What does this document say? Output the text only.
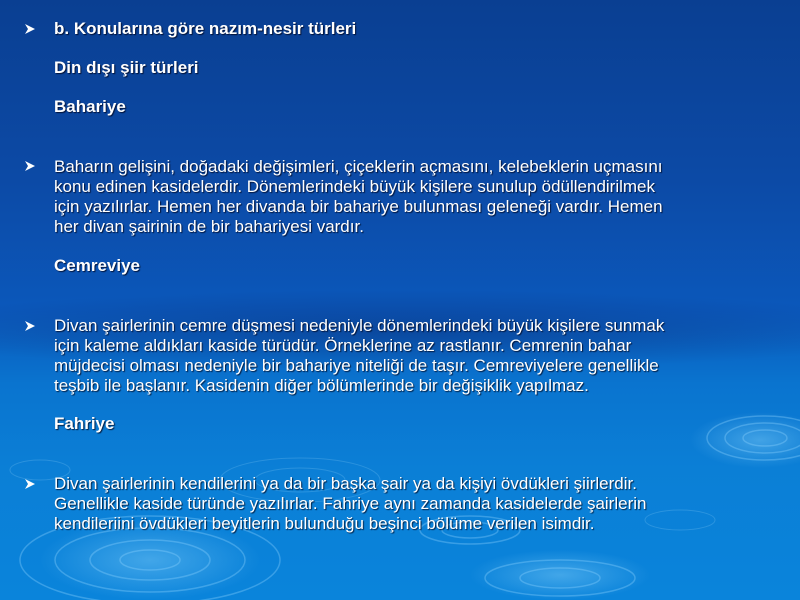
b. Konularına göre nazım-nesir türleri
Din dışı şiir türleri
Bahariye
Baharın gelişini, doğadaki değişimleri, çiçeklerin açmasını, kelebeklerin uçmasını
konu edinen kasidelerdir. Dönemlerindeki büyük kişilere sunulup ödüllendirilmek
için yazılırlar. Hemen her divanda bir bahariye bulunması geleneği vardır. Hemen
her divan şairinin de bir bahariyesi vardır.
Cemreviye
Divan şairlerinin cemre düşmesi nedeniyle dönemlerindeki büyük kişilere sunmak
için kaleme aldıkları kaside türüdür. Örneklerine az rastlanır. Cemrenin bahar
müjdecisi olması nedeniyle bir bahariye niteliği de taşır. Cemreviyelere genellikle
teşbib ile başlanır. Kasidenin diğer bölümlerinde bir değişiklik yapılmaz.
Fahriye
Divan şairlerinin kendilerini ya da bir başka şair ya da kişiyi övdükleri şiirlerdir.
Genellikle kaside türünde yazılırlar. Fahriye aynı zamanda kasidelerde şairlerin
kendileriini övdükleri beyitlerin bulunduğu beşinci bölüme verilen isimdir.
